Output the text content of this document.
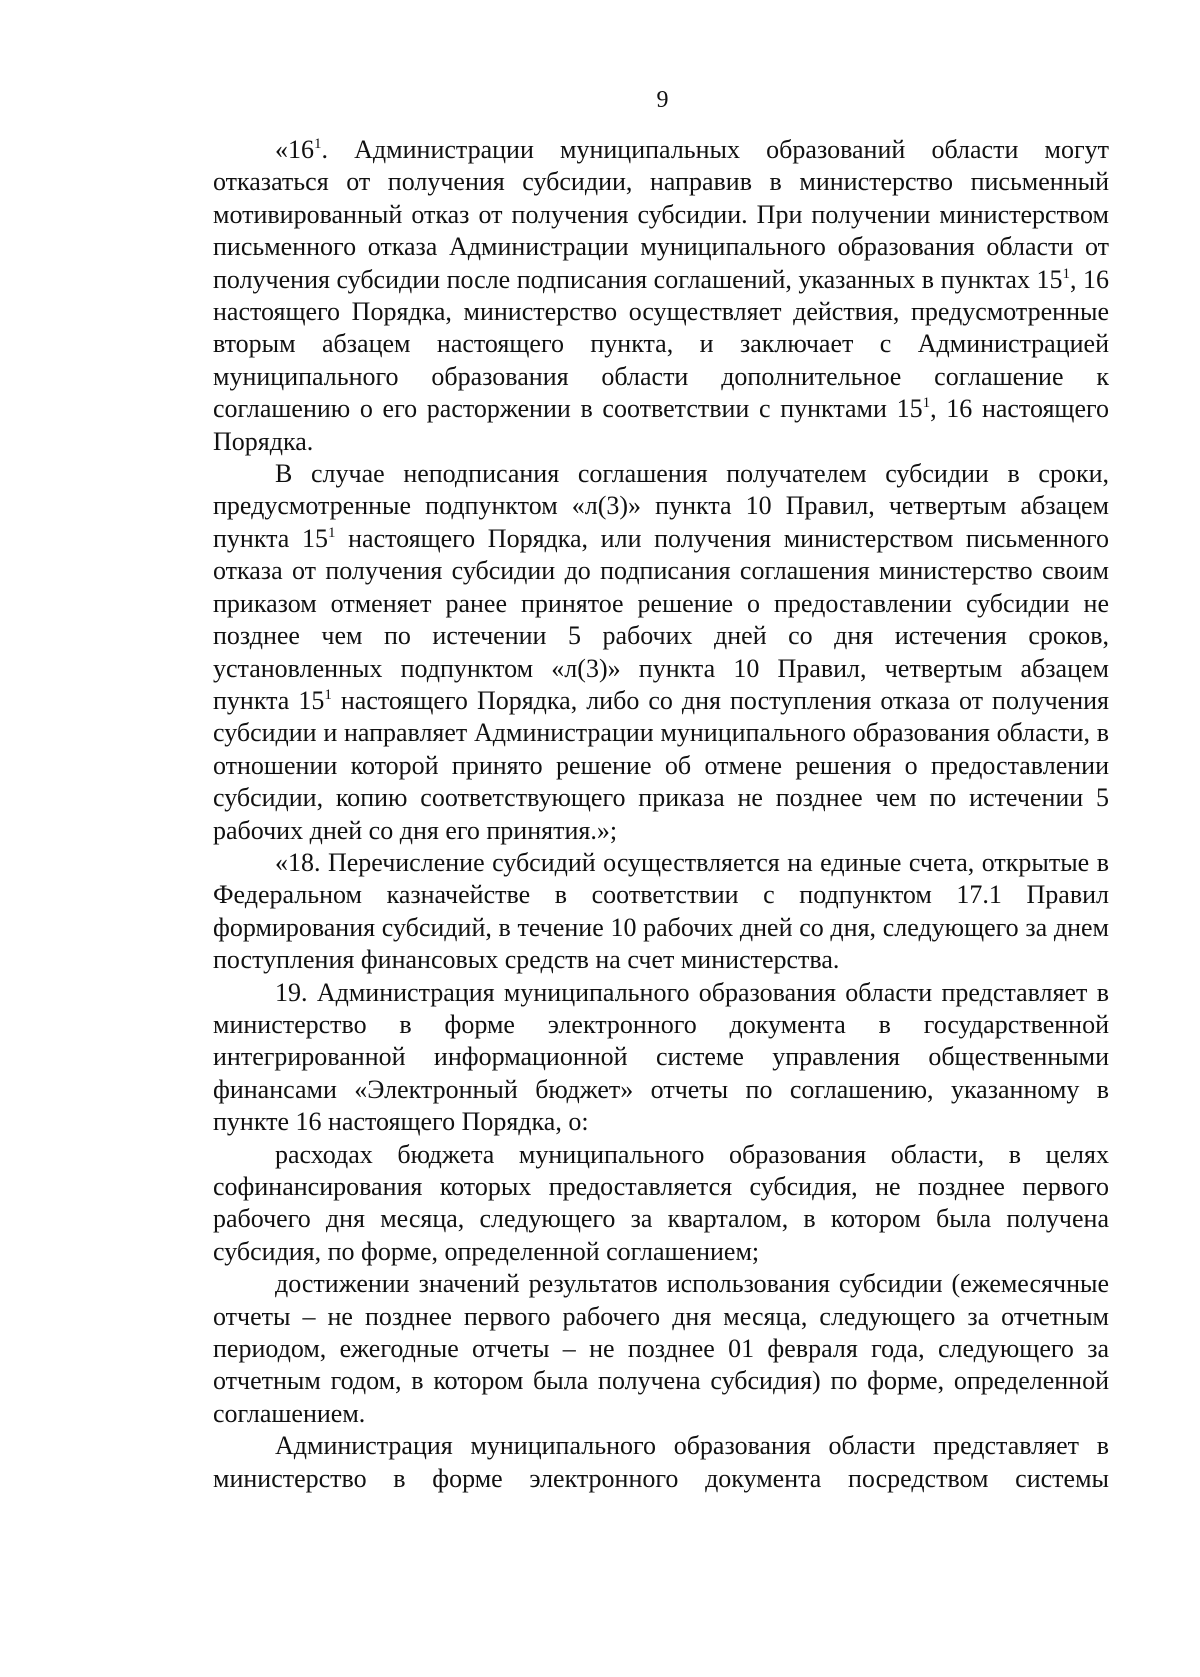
9

«16$^1$. Администрации муниципальных образований области могут отказаться от получения субсидии, направив в министерство письменный мотивированный отказ от получения субсидии. При получении министерством письменного отказа Администрации муниципального образования области от получения субсидии после подписания соглашений, указанных в пунктах 15$^1$, 16 настоящего Порядка, министерство осуществляет действия, предусмотренные вторым абзацем настоящего пункта, и заключает с Администрацией муниципального образования области дополнительное соглашение к соглашению о его расторжении в соответствии с пунктами 15$^1$, 16 настоящего Порядка.

В случае неподписания соглашения получателем субсидии в сроки, предусмотренные подпунктом «л(3)» пункта 10 Правил, четвертым абзацем пункта 15$^1$ настоящего Порядка, или получения министерством письменного отказа от получения субсидии до подписания соглашения министерство своим приказом отменяет ранее принятое решение о предоставлении субсидии не позднее чем по истечении 5 рабочих дней со дня истечения сроков, установленных подпунктом «л(3)» пункта 10 Правил, четвертым абзацем пункта 15$^1$ настоящего Порядка, либо со дня поступления отказа от получения субсидии и направляет Администрации муниципального образования области, в отношении которой принято решение об отмене решения о предоставлении субсидии, копию соответствующего приказа не позднее чем по истечении 5 рабочих дней со дня его принятия.»;

«18. Перечисление субсидий осуществляется на единые счета, открытые в Федеральном казначействе в соответствии с подпунктом 17.1 Правил формирования субсидий, в течение 10 рабочих дней со дня, следующего за днем поступления финансовых средств на счет министерства.

19. Администрация муниципального образования области представляет в министерство в форме электронного документа в государственной интегрированной информационной системе управления общественными финансами «Электронный бюджет» отчеты по соглашению, указанному в пункте 16 настоящего Порядка, о:

расходах бюджета муниципального образования области, в целях софинансирования которых предоставляется субсидия, не позднее первого рабочего дня месяца, следующего за кварталом, в котором была получена субсидия, по форме, определенной соглашением;

достижении значений результатов использования субсидии (ежемесячные отчеты – не позднее первого рабочего дня месяца, следующего за отчетным периодом, ежегодные отчеты – не позднее 01 февраля года, следующего за отчетным годом, в котором была получена субсидия) по форме, определенной соглашением.

Администрация муниципального образования области представляет в министерство в форме электронного документа посредством системы
